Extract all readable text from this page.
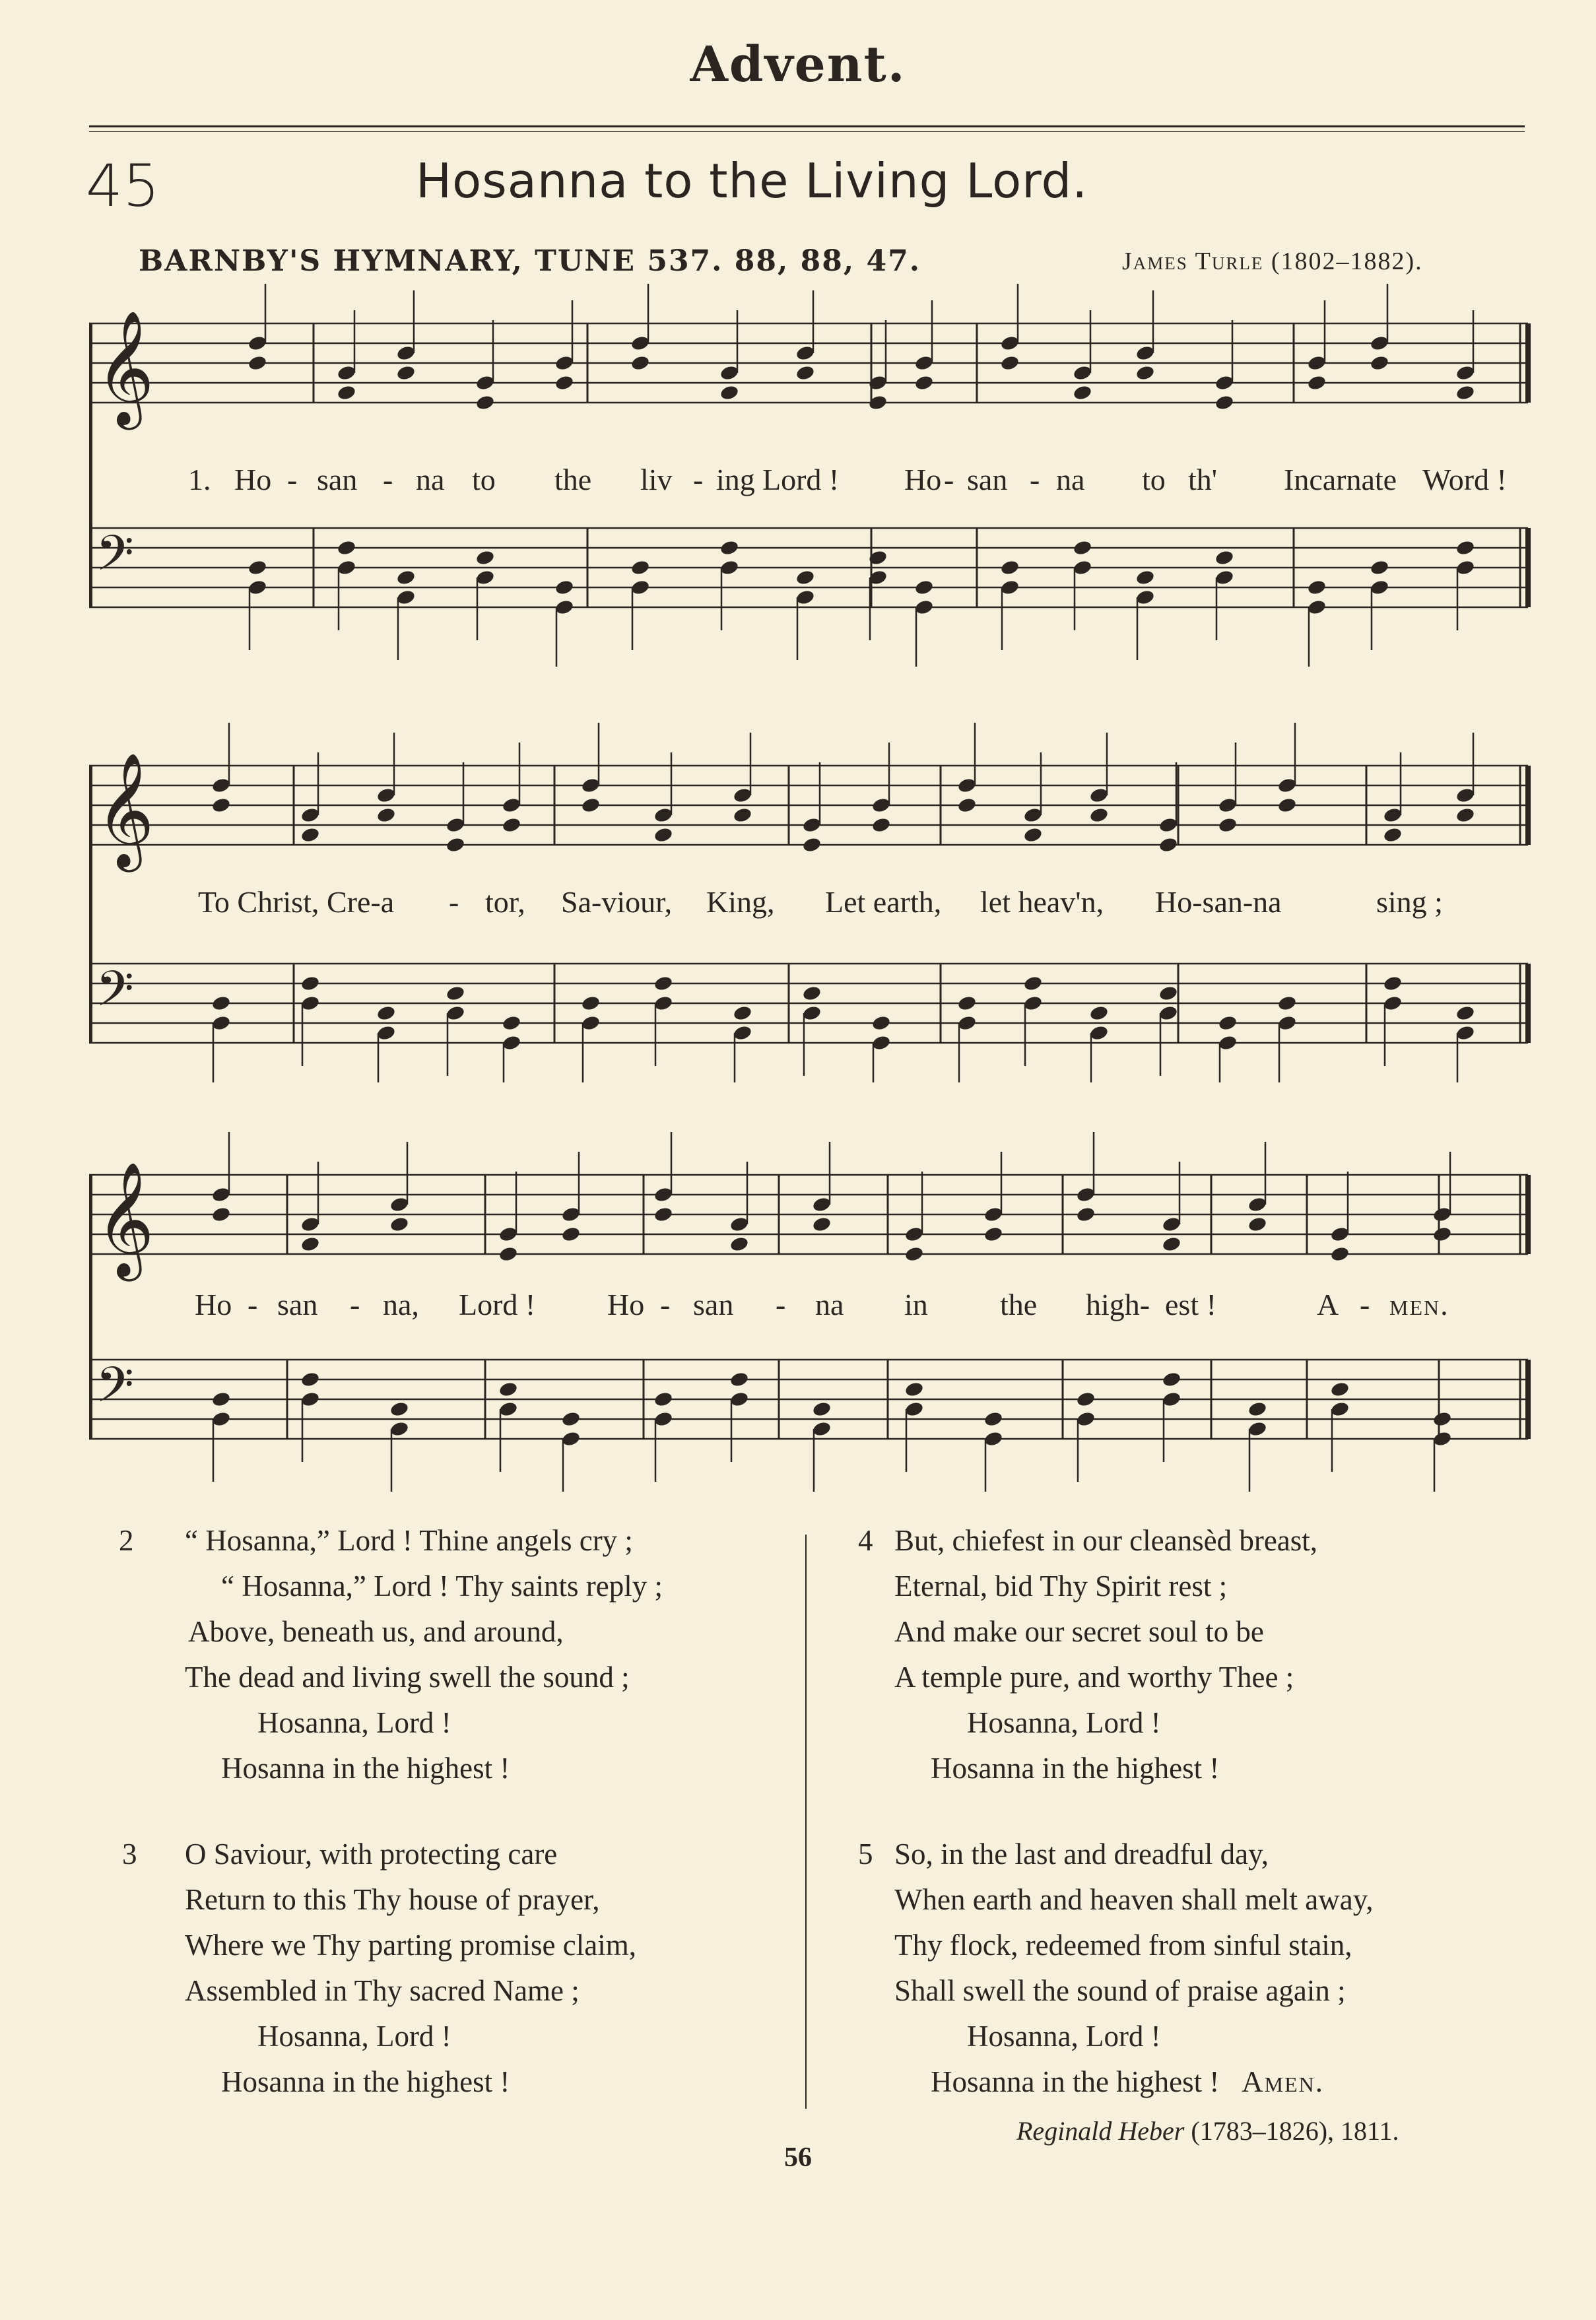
Advent.
45	Hosanna to the Living Lord.
BARNBY'S HYMNARY, TUNE 537. 88, 88, 47.	James Turle (1802–1882).
𝄞
𝄢
1. Ho - san - na to the liv - ing Lord ! Ho - san - na to th' Incarnate Word !
𝄞
𝄢
To Christ, Cre-a - tor, Sa-viour, King, Let earth, let heav'n, Ho-san-na	sing ;
𝄞
𝄢
Ho - san - na, Lord ! Ho - san - na in the high- est !	A - men.
2 “ Hosanna,” Lord ! Thine angels cry ;
“ Hosanna,” Lord ! Thy saints reply ;
Above, beneath us, and around,
The dead and living swell the sound ;
Hosanna, Lord !
Hosanna in the highest !
3 O Saviour, with protecting care
Return to this Thy house of prayer,
Where we Thy parting promise claim,
Assembled in Thy sacred Name ;
Hosanna, Lord !
Hosanna in the highest !
4 But, chiefest in our cleansèd breast,
Eternal, bid Thy Spirit rest ;
And make our secret soul to be
A temple pure, and worthy Thee ;
Hosanna, Lord !
Hosanna in the highest !
5 So, in the last and dreadful day,
When earth and heaven shall melt away,
Thy flock, redeemed from sinful stain,
Shall swell the sound of praise again ;
Hosanna, Lord !
Hosanna in the highest ! Amen.
Reginald Heber (1783–1826), 1811.
56
